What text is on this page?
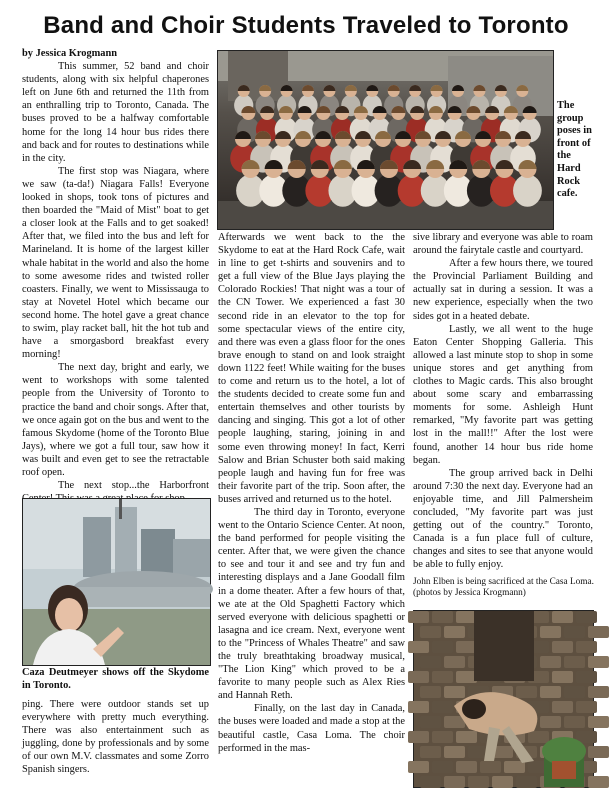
Band and Choir Students Traveled to Toronto

by Jessica Krogmann

This summer, 52 band and choir students, along with six helpful chaperones left on June 6th and returned the 11th from an enthralling trip to Toronto, Canada. The buses proved to be a halfway comfortable home for the long 14 hour bus rides there and back and for routes to destinations while in the city.

The first stop was Niagara, where we saw (ta-da!) Niagara Falls! Everyone looked in shops, took tons of pictures and then boarded the "Maid of Mist" boat to get a closer look at the Falls and to get soaked! After that, we filed into the bus and left for Marineland. It is home of the largest killer whale habitat in the world and also the home to some awesome rides and twisted roller coasters. Finally, we went to Mississauga to stay at Novetel Hotel which became our second home. The hotel gave a great chance to swim, play racket ball, hit the hot tub and have a smorgasbord breakfast every morning!

The next day, bright and early, we went to workshops with some talented people from the University of Toronto to practice the band and choir songs. After that, we once again got on the bus and went to the famous Skydome (home of the Toronto Blue Jays), where we got a full tour, saw how it was built and even get to see the retractable roof open.

The next stop...the Harborfront

The group poses in front of the Hard Rock cafe.
Caza Deutmeyer shows off the Skydome in Toronto.

ping. There were outdoor stands set up everywhere with pretty much everything. There was also entertainment such as juggling, done by professionals and by some of our own M.V. classmates and some Zorro Spanish singers.

Afterwards we went back to the the Skydome to eat at the Hard Rock Cafe, wait in line to get t-shirts and souvenirs and to get a full view of the Blue Jays playing the Colorado Rockies! That night was a tour of the CN Tower. We experienced a fast 30 second ride in an elevator to the top for some spectacular views of the entire city, and there was even a glass floor for the ones brave enough to stand on and look straight down 1122 feet! While waiting for the buses to come and return us to the hotel, a lot of the students decided to create some fun and entertain themselves and other tourists by dancing and singing. This got a lot of other people laughing, staring, joining in and some even throwing money! In fact, Kerri Salow and Brian Schuster both said making people laugh and having fun for free was their favorite part of the trip. Soon after, the buses arrived and returned us to the hotel.

The third day in Toronto, everyone went to the Ontario Science Center. At noon, the band performed for people visiting the center. After that, we were given the chance to see and tour it and see and try fun and interesting displays and a Jane Goodall film in a dome theater. After a few hours of that, we ate at the Old Spaghetti Factory which served everyone with delicious spaghetti or lasagna and ice cream. Next, everyone went to the "Princess of Whales Theatre" and saw the truly breathtaking broadway musical, "The Lion King" which proved to be a favorite to many people such as Alex Ries and Hannah Reth.

Finally, on the last day in Canada, the buses were loaded and made a stop at the beautiful castle, Casa Loma. The choir performed in the mas-

sive library and everyone was able to roam around the fairytale castle and courtyard.

After a few hours there, we toured the Provincial Parliament Building and actually sat in during a session. It was a new experience, especially when the two sides got in a heated debate.

Lastly, we all went to the huge Eaton Center Shopping Galleria. This allowed a last minute stop to shop in some unique stores and get anything from clothes to Magic cards. This also brought about some scary and embarrassing moments for some. Ashleigh Hunt remarked, "My favorite part was getting lost in the mall!!" After the lost were found, another 14 hour bus ride home began.

The group arrived back in Delhi around 7:30 the next day. Everyone had an enjoyable time, and Jill Palmersheim concluded, "My favorite part was just getting out of the country." Toronto, Canada is a fun place full of culture, changes and sites to see that anyone would be able to fully enjoy.

John Elben is being sacrificed at the Casa Loma. (photos by Jessica Krogmann)
